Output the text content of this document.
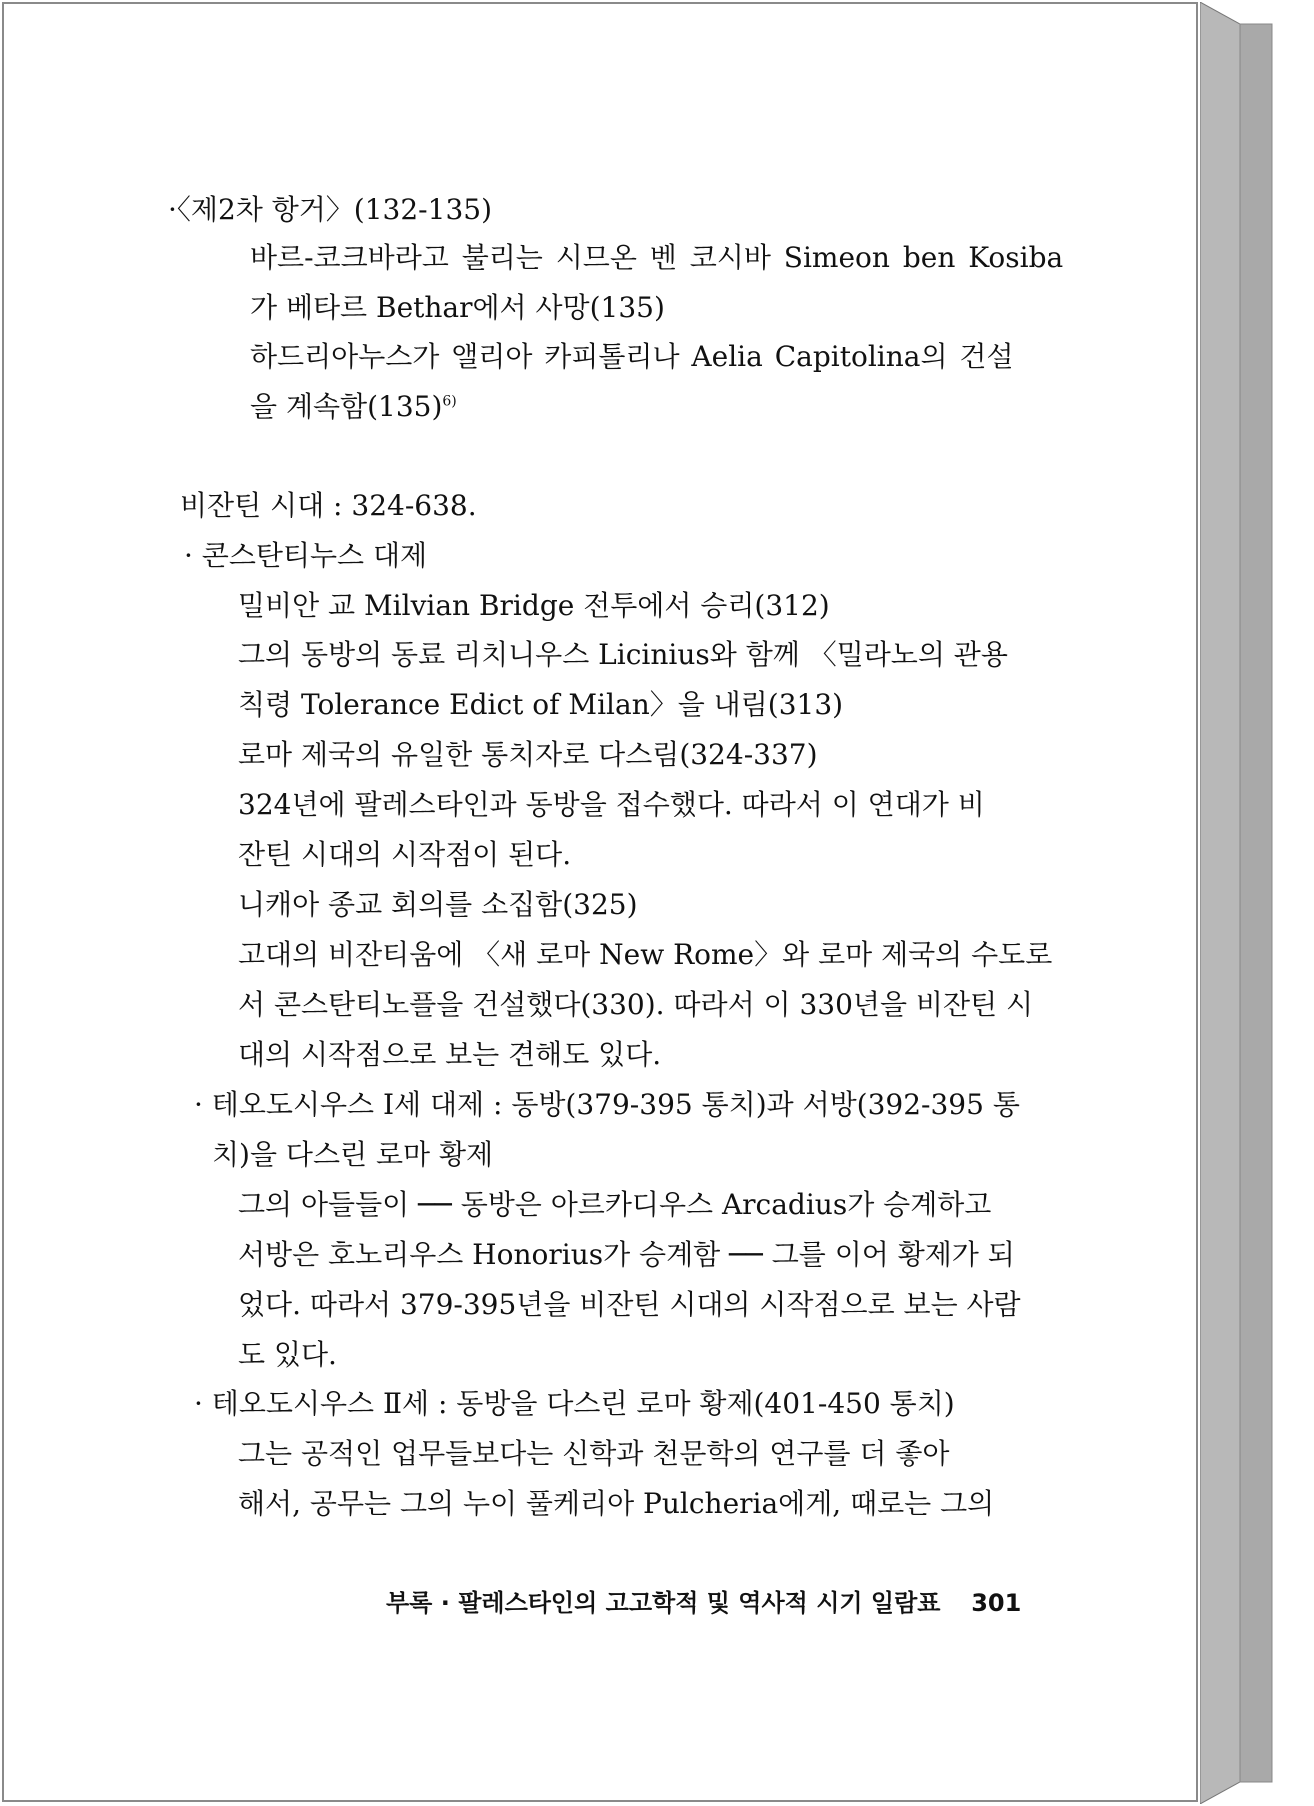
·〈제2차 항거〉(132-135)
바르-코크바라고 불리는 시므온 벤 코시바 Simeon ben Kosiba
가 베타르 Bethar에서 사망(135)
하드리아누스가 앨리아 카피톨리나 Aelia Capitolina의 건설
을 계속함$(135)^{6)}$
비잔틴 시대 : 324-638.
· 콘스탄티누스 대제
밀비안 교 Milvian Bridge 전투에서 승리(312)
그의 동방의 동료 리치니우스 Licinius와 함께 〈밀라노의 관용
칙령 Tolerance Edict of Milan〉을 내림(313)
로마 제국의 유일한 통치자로 다스림(324-337)
324년에 팔레스타인과 동방을 접수했다. 따라서 이 연대가 비
잔틴 시대의 시작점이 된다.
니캐아 종교 회의를 소집함(325)
고대의 비잔티움에 〈새 로마 New Rome〉와 로마 제국의 수도로
서 콘스탄티노플을 건설했다(330). 따라서 이 330년을 비잔틴 시
대의 시작점으로 보는 견해도 있다.
· 테오도시우스 Ⅰ세 대제 : 동방(379-395 통치)과 서방(392-395 통
치)을 다스린 로마 황제
그의 아들들이 ── 동방은 아르카디우스 Arcadius가 승계하고
서방은 호노리우스 Honorius가 승계함 ── 그를 이어 황제가 되
었다. 따라서 379-395년을 비잔틴 시대의 시작점으로 보는 사람
도 있다.
· 테오도시우스 Ⅱ세 : 동방을 다스린 로마 황제(401-450 통치)
그는 공적인 업무들보다는 신학과 천문학의 연구를 더 좋아
해서, 공무는 그의 누이 풀케리아 Pulcheria에게, 때로는 그의
부록 · 팔레스타인의 고고학적 및 역사적 시기 일람표 301
